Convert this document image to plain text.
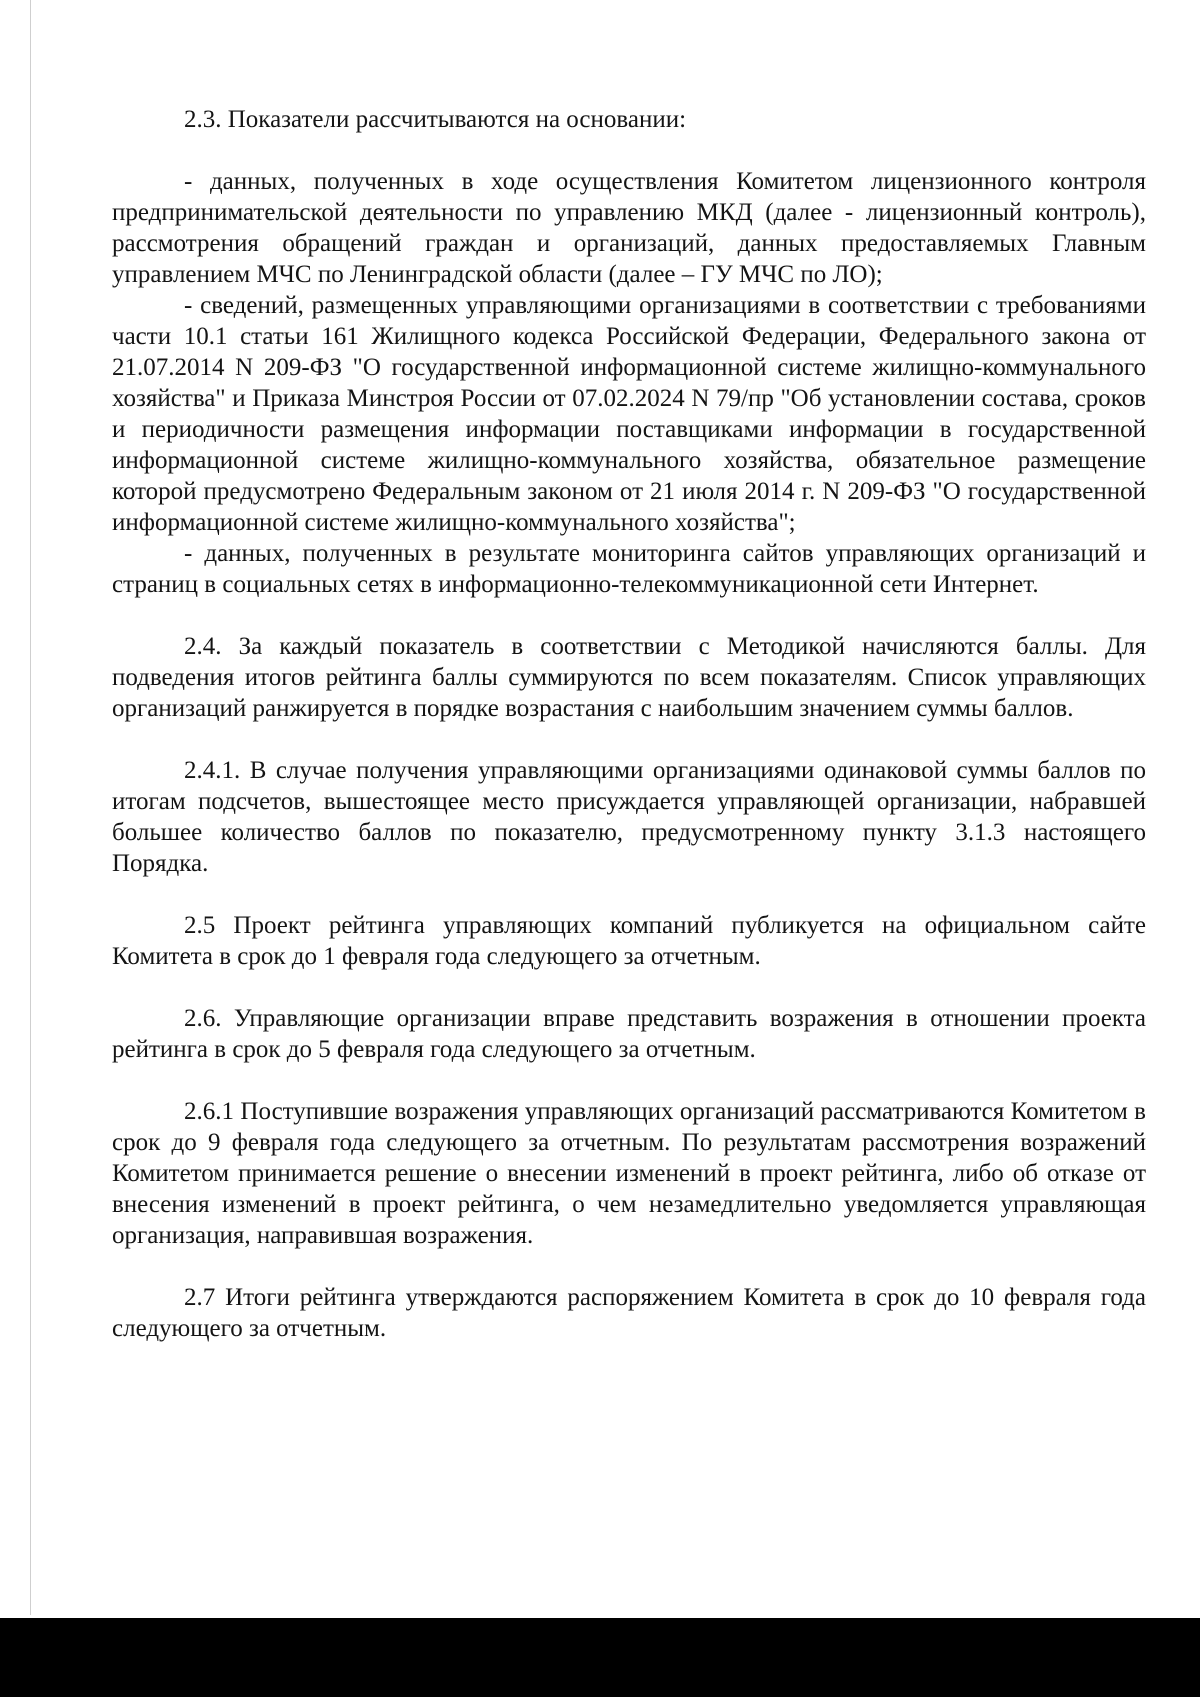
2.3. Показатели рассчитываются на основании:

- данных, полученных в ходе осуществления Комитетом лицензионного контроля предпринимательской деятельности по управлению МКД (далее - лицензионный контроль), рассмотрения обращений граждан и организаций, данных предоставляемых Главным управлением МЧС по Ленинградской области (далее – ГУ МЧС по ЛО);

- сведений, размещенных управляющими организациями в соответствии с требованиями части 10.1 статьи 161 Жилищного кодекса Российской Федерации, Федерального закона от 21.07.2014 N 209-ФЗ "О государственной информационной системе жилищно-коммунального хозяйства" и Приказа Минстроя России от 07.02.2024 N 79/пр "Об установлении состава, сроков и периодичности размещения информации поставщиками информации в государственной информационной системе жилищно-коммунального хозяйства, обязательное размещение которой предусмотрено Федеральным законом от 21 июля 2014 г. N 209-ФЗ "О государственной информационной системе жилищно-коммунального хозяйства";

- данных, полученных в результате мониторинга сайтов управляющих организаций и страниц в социальных сетях в информационно-телекоммуникационной сети Интернет.

2.4. За каждый показатель в соответствии с Методикой начисляются баллы. Для подведения итогов рейтинга баллы суммируются по всем показателям. Список управляющих организаций ранжируется в порядке возрастания с наибольшим значением суммы баллов.

2.4.1. В случае получения управляющими организациями одинаковой суммы баллов по итогам подсчетов, вышестоящее место присуждается управляющей организации, набравшей большее количество баллов по показателю, предусмотренному пункту 3.1.3 настоящего Порядка.

2.5 Проект рейтинга управляющих компаний публикуется на официальном сайте Комитета в срок до 1 февраля года следующего за отчетным.

2.6. Управляющие организации вправе представить возражения в отношении проекта рейтинга в срок до 5 февраля года следующего за отчетным.

2.6.1 Поступившие возражения управляющих организаций рассматриваются Комитетом в срок до 9 февраля года следующего за отчетным. По результатам рассмотрения возражений Комитетом принимается решение о внесении изменений в проект рейтинга, либо об отказе от внесения изменений в проект рейтинга, о чем незамедлительно уведомляется управляющая организация, направившая возражения.

2.7 Итоги рейтинга утверждаются распоряжением Комитета в срок до 10 февраля года следующего за отчетным.
